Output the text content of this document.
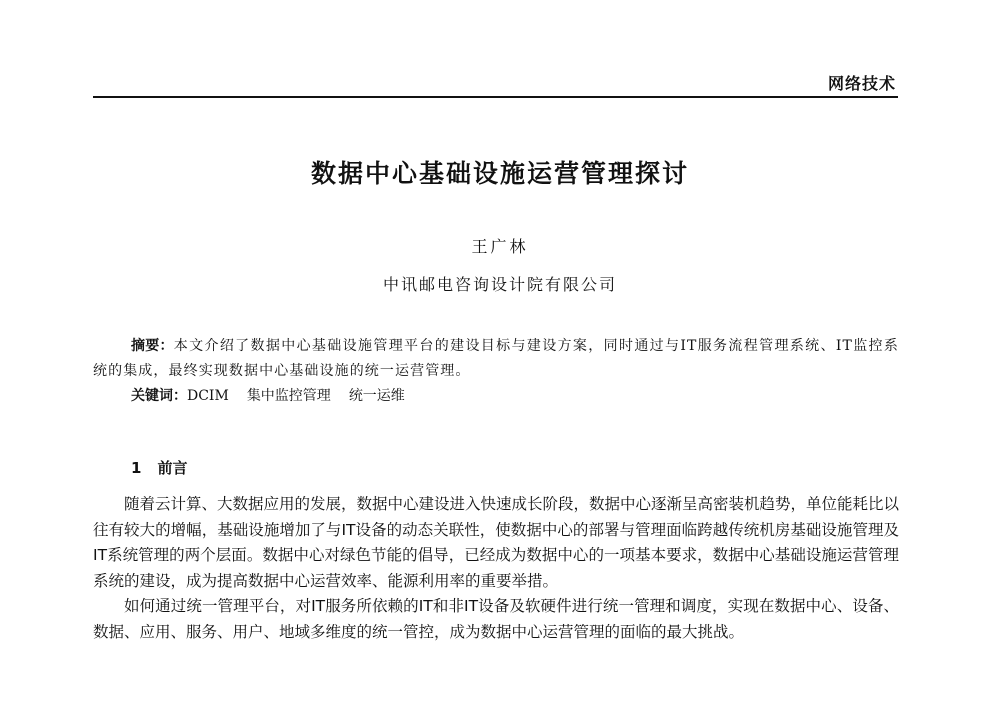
网络技术
数据中心基础设施运营管理探讨
王广林
中讯邮电咨询设计院有限公司
摘要：本文介绍了数据中心基础设施管理平台的建设目标与建设方案，同时通过与IT服务流程管理系统、IT监控系统的集成，最终实现数据中心基础设施的统一运营管理。
关键词：DCIM 集中监控管理 统一运维
1 前言

随着云计算、大数据应用的发展，数据中心建设进入快速成长阶段，数据中心逐渐呈高密装机趋势，单位能耗比以往有较大的增幅，基础设施增加了与IT设备的动态关联性，使数据中心的部署与管理面临跨越传统机房基础设施管理及IT系统管理的两个层面。数据中心对绿色节能的倡导，已经成为数据中心的一项基本要求，数据中心基础设施运营管理系统的建设，成为提高数据中心运营效率、能源利用率的重要举措。

如何通过统一管理平台，对IT服务所依赖的IT和非IT设备及软硬件进行统一管理和调度，实现在数据中心、设备、数据、应用、服务、用户、地域多维度的统一管控，成为数据中心运营管理的面临的最大挑战。
